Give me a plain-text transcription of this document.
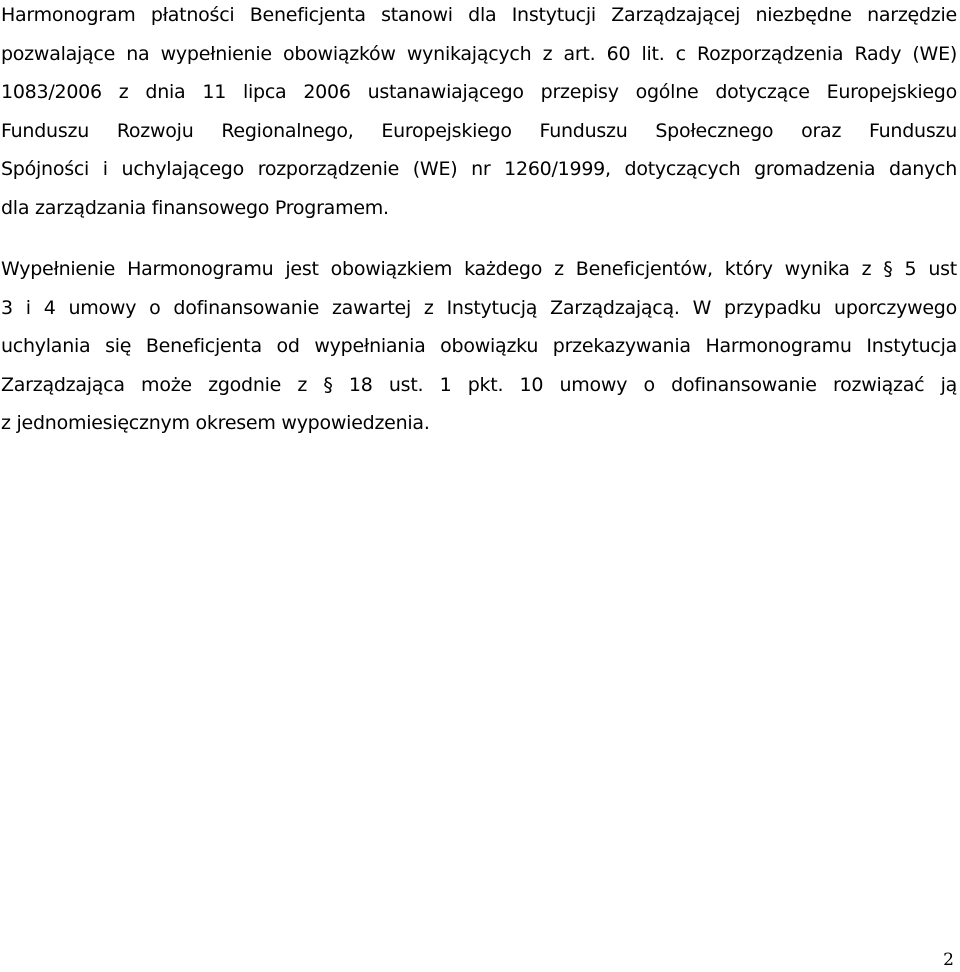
Harmonogram płatności Beneficjenta stanowi dla Instytucji Zarządzającej niezbędne narzędzie
pozwalające na wypełnienie obowiązków wynikających z art. 60 lit. c Rozporządzenia Rady (WE)
1083/2006 z dnia 11 lipca 2006 ustanawiającego przepisy ogólne dotyczące Europejskiego
Funduszu Rozwoju Regionalnego, Europejskiego Funduszu Społecznego oraz Funduszu
Spójności i uchylającego rozporządzenie (WE) nr 1260/1999, dotyczących gromadzenia danych
dla zarządzania finansowego Programem.
Wypełnienie Harmonogramu jest obowiązkiem każdego z Beneficjentów, który wynika z § 5 ust
3 i 4 umowy o dofinansowanie zawartej z Instytucją Zarządzającą. W przypadku uporczywego
uchylania się Beneficjenta od wypełniania obowiązku przekazywania Harmonogramu Instytucja
Zarządzająca może zgodnie z § 18 ust. 1 pkt. 10 umowy o dofinansowanie rozwiązać ją
z jednomiesięcznym okresem wypowiedzenia.
2
